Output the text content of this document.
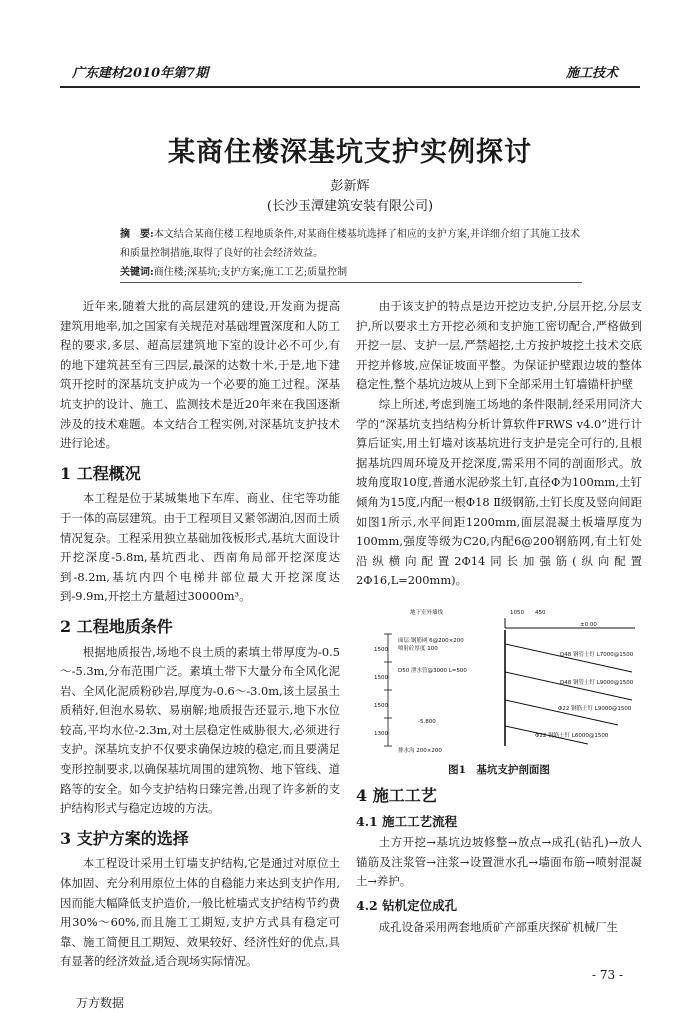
广东建材2010年第7期	施工技术
某商住楼深基坑支护实例探讨
彭新辉
(长沙玉潭建筑安装有限公司)
摘　要:本文结合某商住楼工程地质条件,对某商住楼基坑选择了相应的支护方案,并详细介绍了其施工技术和质量控制措施,取得了良好的社会经济效益。
关键词:商住楼;深基坑;支护方案;施工工艺;质量控制

近年来,随着大批的高层建筑的建设,开发商为提高建筑用地率,加之国家有关规范对基础埋置深度和人防工程的要求,多层、超高层建筑地下室的设计必不可少,有的地下建筑甚至有三四层,最深的达数十米,于是,地下建筑开挖时的深基坑支护成为一个必要的施工过程。深基坑支护的设计、施工、监测技术是近20年来在我国逐渐涉及的技术难题。本文结合工程实例,对深基坑支护技术进行论述。

1 工程概况

本工程是位于某城集地下车库、商业、住宅等功能于一体的高层建筑。由于工程项目又紧邻湖泊,因而土质情况复杂。工程采用独立基础加筏板形式,基坑大面设计开挖深度-5.8m,基坑西北、西南角局部开挖深度达到-8.2m,基坑内四个电梯井部位最大开挖深度达到-9.9m,开挖土方量超过30000m³。

2 工程地质条件

根据地质报告,场地不良土质的素填土带厚度为-0.5～-5.3m,分布范围广泛。素填土带下大量分布全风化泥岩、全风化泥质粉砂岩,厚度为-0.6～-3.0m,该土层虽土质稍好,但泡水易软、易崩解;地质报告还显示,地下水位较高,平均水位-2.3m,对土层稳定性威胁很大,必须进行支护。深基坑支护不仅要求确保边坡的稳定,而且要满足变形控制要求,以确保基坑周围的建筑物、地下管线、道路等的安全。如今支护结构日臻完善,出现了许多新的支护结构形式与稳定边坡的方法。

3 支护方案的选择

本工程设计采用土钉墙支护结构,它是通过对原位土体加固、充分利用原位土体的自稳能力来达到支护作用,因而能大幅降低支护造价,一般比桩墙式支护结构节约费用30%～60%,而且施工工期短,支护方式具有稳定可靠、施工简便且工期短、效果较好、经济性好的优点,具有显著的经济效益,适合现场实际情况。

由于该支护的特点是边开挖边支护,分层开挖,分层支护,所以要求土方开挖必须和支护施工密切配合,严格做到开挖一层、支护一层,严禁超挖,土方按护坡挖土技术交底开挖并修坡,应保证坡面平整。为保证护壁跟边坡的整体稳定性,整个基坑边坡从上到下全部采用土钉墙锚杆护壁

综上所述,考虑到施工场地的条件限制,经采用同济大学的“深基坑支挡结构分析计算软件FRWS v4.0”进行计算后证实,用土钉墙对该基坑进行支护是完全可行的,且根据基坑四周环境及开挖深度,需采用不同的剖面形式。放坡角度取10度,普通水泥砂浆土钉,直径Φ为100mm,土钉倾角为15度,内配一根Φ18 Ⅱ级钢筋,土钉长度及竖向间距如图1所示,水平间距1200mm,面层混凝土板墙厚度为100mm,强度等级为C20,内配6@200钢筋网,有土钉处沿纵横向配置2Φ14同长加强筋(纵向配置2Φ16,L=200mm)。

地下室外墙线	1050 450
±0.00
1500
1500
1500
1300
面层:钢筋网 6@200×200
喷射砼厚度 100
D50 泄水管@3000 L=500
-5.800
排水沟 200×200
D48 钢管土钉 L7000@1500
D48 钢管土钉 L9000@1500
Φ22 钢筋土钉 L9000@1500
Φ22 钢筋土钉 L6000@1500
图1　基坑支护剖面图
4 施工工艺
4.1 施工工艺流程

土方开挖→基坑边坡修整→放点→成孔(钻孔)→放人锚筋及注浆管→注浆→设置泄水孔→墙面布筋→喷射混凝土→养护。

4.2 钻机定位成孔

成孔设备采用两套地质矿产部重庆探矿机械厂生

- 73 -
万方数据
